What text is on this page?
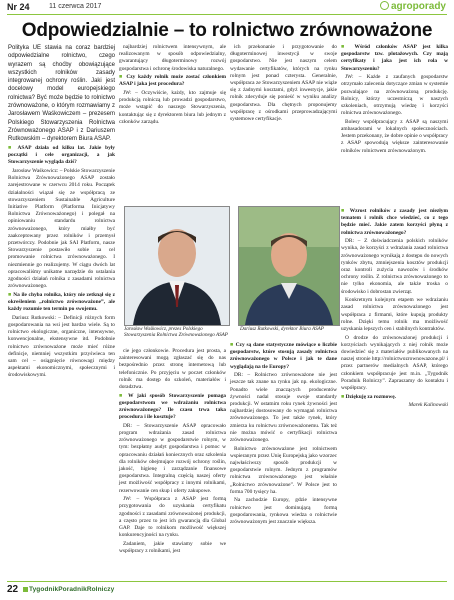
Nr 24	11 czerwca 2017	agroporady
Odpowiedzialnie – to rolnictwo zrównoważone

Polityka UE stawia na coraz bardziej odpowiedzialne rolnictwo, czego wyrazem są choćby obowiązujące wszystkich rolników zasady integrowanej ochrony roślin. Jaki jest docelowy model europejskiego rolnictwa? Być może będzie to rolnictwo zrównoważone, o którym rozmawiamy z Jarosławem Waśkowiczem – prezesem Polskiego Stowarzyszenia Rolnictwa Zrównoważonego ASAP i z Dariuszem Rutkowskim – dyrektorem Biura ASAP.

■ ASAP działa od kilku lat. Jakie były początki i cele organizacji, a jak Stowarzyszenie wygląda dziś?

Jarosław Waśkowicz: – Polskie Stowarzyszenie Rolnictwa Zrównoważonego ASAP zostało zarejestrowane w czerwcu 2014 roku. Początek działalności wiązał się ze współpracą ze stowarzyszeniem Sustainable Agriculture Initiative Platform (Platforma Inicjatywy Rolnictwa Zrównoważonego) i polegał na opiniowaniu standardu rolnictwa zrównoważonego, który miałby być zaakceptowany przez rolników i przemysł przetwórczy. Podobnie jak SAI Platform, nasze Stowarzyszenie postawiło sobie za cel promowanie rolnictwa zrównoważonego. I niezmiennie go realizujemy. W ciągu dwóch lat opracowaliśmy unikatne narzędzie do ustalania zgodności działań rolnika z zasadami rolnictwa zrównoważonego.

■ Na ile chyba rolnika, który nie zetknął się z określeniem „rolnictwo zrównoważone”, ale każdy rozumie ten termin po swojemu.

Dariusz Rutkowski: – Definicji różnych form gospodarowania na wsi jest bardzo wiele. Są to rolnictwo ekologiczne, organiczne, intensywne, konwencjonalne, ekstensywne itd. Podobnie rolnictwo zrównoważone może mieć różne definicje, niemniej wszystkim przyświeca ten sam cel – osiągnięcie równowagi między aspektami ekonomicznymi, społecznymi i środowiskowymi.

najbardziej rolnictwem intensywnym, ale realizowanym w sposób odpowiedzialny, gwarantujący długoterminowy rozwój gospodarstwa i ochronę środowiska naturalnego.

■ Czy każdy rolnik może zostać członkiem ASAP i jaka jest procedura?

JW: – Oczywiście, każdy, kto zajmuje się produkcją rolniczą lub prowadzi gospodarstwo, może wstąpić do naszego Stowarzyszenia, kontaktując się z dyrektorem biura lub jednym z członków zarządu.

ich przekonanie i przygotowanie do długoterminowej inwestycji w swoje gospodarstwo. Nie jest naszym celem wydawanie certyfikatów, których na rynku rolnym jest ponad czterysta. Generalnie, współpraca ze Stowarzyszeniem ASAP nie wiąże się z żadnymi kosztami, gdyż inwestycje, jakie rolnik zdecyduje się ponieść w wyniku analizy gospodarstwa. Dla chętnych proponujemy współpracę z ośrodkami przeprowadzającymi systemowe certyfikacje.

■ Wśród członków ASAP jest kilka gospodarstw tzw. plotażowych. Czy mają certyfikaty i jaka jest ich rola w Stowarzyszeniu?

JW: – Każde z zaufanych gospodarstw otrzymało zalecenia dotyczące zmian w systemie pozwalające na zrównoważoną produkcję. Rolnicy, którzy uczestniczą w naszych szkoleniach, otrzymują wiedzę i korzyści rolnictwa zrównoważonego.

Bolesy współpracujący z ASAP są naszymi ambasadorami w lokalnych społecznościach. Jestem przekonany, że dobre opinie o współpracy z ASAP spowodują większe zainteresowanie rolników rolnictwem zrównoważonym.

Jarosław Waśkowicz, prezes Polskiego Stowarzyszenia Rolnictwa Zrównoważonego ASAP
Dariusz Rutkowski, dyrektor Biura ASAP

cie jego członkowie. Procedura jest prosta, a zainteresowani mogą zgłaszać się do nas bezpośrednio przez stronę internetową lub telefonicznie. Po przyjęciu w poczet członków rolnik ma dostęp do szkoleń, materiałów i doradztwa.

■ W jaki sposób Stowarzyszenie pomaga gospodarstwom we wdrażaniu rolnictwa zrównoważonego? Ile czasu trwa taka procedura i ile kosztuje?

DR: – Stowarzyszenie ASAP opracowało program wdrażania zasad rolnictwa zrównoważonego w gospodarstwie rolnym, w tym: bezpłatny audyt gospodarstwa i pomoc w opracowaniu działań koniecznych oraz szkolenia dla rolników obejmujące rozwój ochrony roślin, jakość, higienę i zarządzanie finansowe gospodarstwa. Integralną częścią naszej oferty jest możliwość współpracy z innymi rolnikami, rezerwowanie cen skup i oferty zakupowe.

JW: – Współpraca z ASAP jest formą przygotowania do uzyskania certyfikatu zgodności z zasadami zrównoważonej produkcji, a często przez to jest ich gwarancją dla Global GAP. Daje to rolnikom możliwość większej konkurencyjności na rynku.

Zadaniem, jakie stawiamy sobie we współpracy z rolnikami, jest

■ Czy są dane statystyczne mówiące o liczbie gospodarstw, które stosują zasady rolnictwa zrównoważonego w Polsce i jak te dane wyglądają na tle Europy?

DR: – Rolnictwo zrównoważone nie jest jeszcze tak znane na rynku jak np. ekologiczne. Ponadto wiele znaczących producentów żywności nadal stosuje swoje standardy produkcji. W ostatnim roku rynek żywności jest najbardziej dostosowany do wymagań rolnictwa zrównoważonego. To jest także rynek, który zmierza ku rolnictwu zrównoważonemu. Tak też nie można mówić o certyfikacji rolnictwa zrównoważonego.

Rolnictwo zrównoważone jest rolnictwem wspieranym przez Unię Europejską jako wzorzec najwłaściwszy sposób produkcji w gospodarstwie rolnym. Jednym z programów rolnictwa zrównoważonego jest właśnie „Rolnictwo zrównoważone”. W Polsce jest to forma 700 tysięcy ha.

Na zachodzie Europy, gdzie intensywne rolnictwo jest dominującą formą gospodarowania, rynkowa wiedza o rolnictwie zrównoważonym jest znacznie większa.

■ Wzrost rolników z zasady jest niezłym tematem i rolnik chce wiedzieć, co z tego będzie mieć. Jakie zatem korzyści płyną z rolnictwa zrównoważonego?

DR: – Z doświadczenia polskich rolników wynika, że korzyści z wdrażania zasad rolnictwa zrównoważonego wynikają z dostępu do nowych rynków zbytu, zmniejszenia kosztów produkcji oraz kontroli zużycia nawozów i środków ochrony roślin. Z rolnictwa zrównoważonego to nie tylko ekonomia, ale także troska o środowisko i dobrostan zwierząt.

Konkretnym kolejnym etapem we wdrażaniu zasad rolnictwa zrównoważonego jest współpraca z firmami, które kupują produkty rolne. Dzięki temu rolnik ma możliwość uzyskania lepszych cen i stabilnych kontraktów.

O drodze do zrównoważonej produkcji i korzyściach wynikających z niej rolnik może dowiedzieć się z materiałów publikowanych na naszej stronie http://rolnictwozrownowazone.pl/ i przez partnerów medialnych ASAP, którego członkiem współpracuje jest m.in. „Tygodnik Poradnik Rolniczy”. Zapraszamy do kontaktu i współpracy.

■ Dziękuję za rozmowę.

Marek Kalinowski

22	TygodnikPoradnikRolniczy
